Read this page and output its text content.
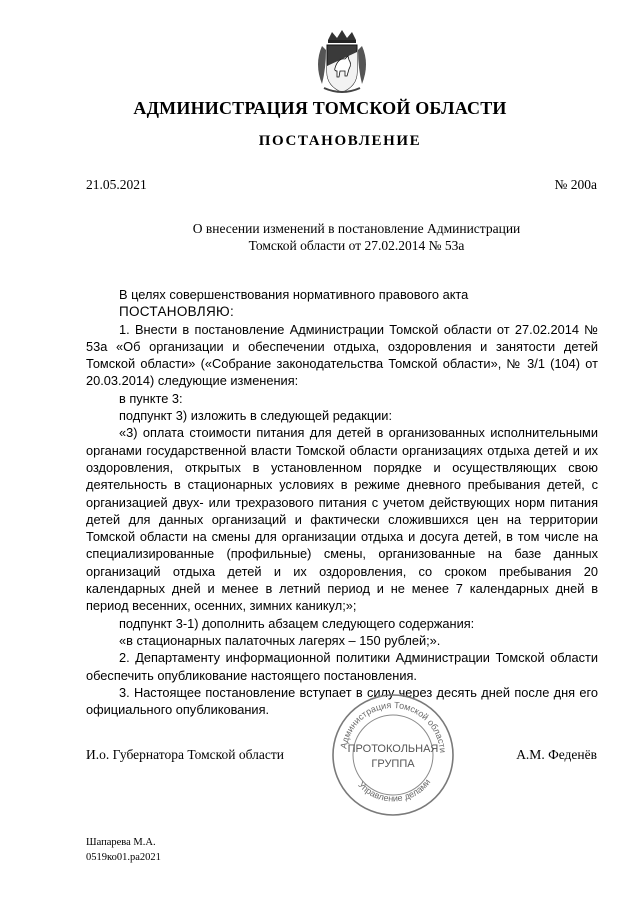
АДМИНИСТРАЦИЯ ТОМСКОЙ ОБЛАСТИ
ПОСТАНОВЛЕНИЕ
21.05.2021	№ 200а
О внесении изменений в постановление Администрации
Томской области от 27.02.2014 № 53а

В целях совершенствования нормативного правового акта

ПОСТАНОВЛЯЮ:

1. Внести в постановление Администрации Томской области от 27.02.2014 № 53а «Об организации и обеспечении отдыха, оздоровления и занятости детей Томской области» («Собрание законодательства Томской области», № 3/1 (104) от 20.03.2014) следующие изменения:

в пункте 3:

подпункт 3) изложить в следующей редакции:

«3) оплата стоимости питания для детей в организованных исполнительными органами государственной власти Томской области организациях отдыха детей и их оздоровления, открытых в установленном порядке и осуществляющих свою деятельность в стационарных условиях в режиме дневного пребывания детей, с организацией двух- или трехразового питания с учетом действующих норм питания детей для данных организаций и фактически сложившихся цен на территории Томской области на смены для организации отдыха и досуга детей, в том числе на специализированные (профильные) смены, организованные на базе данных организаций отдыха детей и их оздоровления, со сроком пребывания 20 календарных дней и менее в летний период и не менее 7 календарных дней в период весенних, осенних, зимних каникул;»;

подпункт 3-1) дополнить абзацем следующего содержания:

«в стационарных палаточных лагерях – 150 рублей;».

2. Департаменту информационной политики Администрации Томской области обеспечить опубликование настоящего постановления.

3. Настоящее постановление вступает в силу через десять дней после дня его официального опубликования.

Администрация Томской области
Управление делами
ПРОТОКОЛЬНАЯ
ГРУППА
И.о. Губернатора Томской области	А.М. Феденёв
Шапарева М.А.
0519ко01.ра2021
